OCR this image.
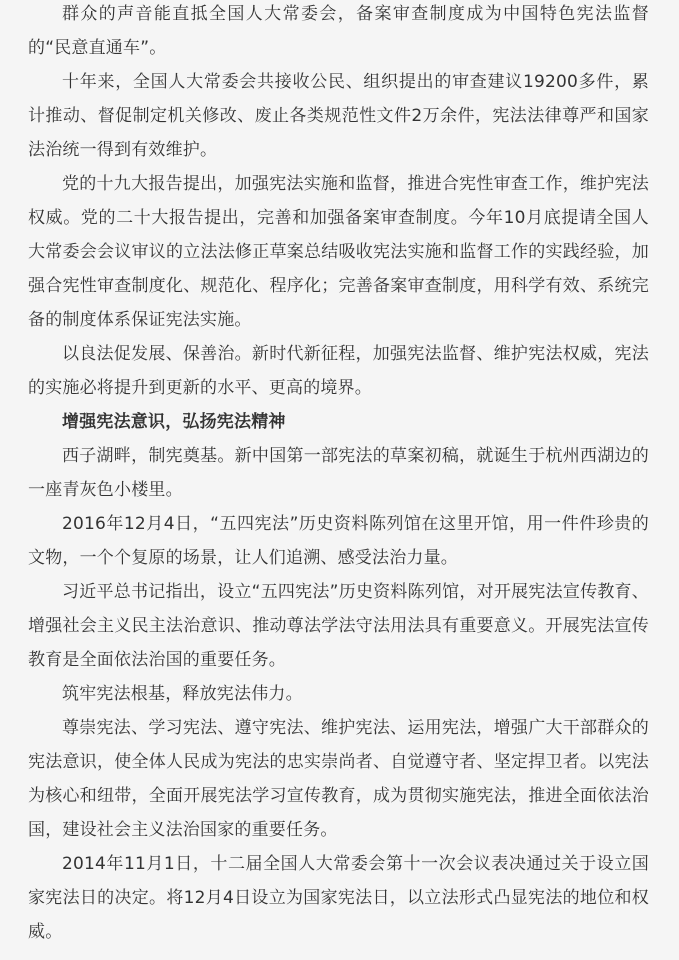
群众的声音能直抵全国人大常委会，备案审查制度成为中国特色宪法监督的“民意直通车”。

十年来，全国人大常委会共接收公民、组织提出的审查建议19200多件，累计推动、督促制定机关修改、废止各类规范性文件2万余件，宪法法律尊严和国家法治统一得到有效维护。

党的十九大报告提出，加强宪法实施和监督，推进合宪性审查工作，维护宪法权威。党的二十大报告提出，完善和加强备案审查制度。今年10月底提请全国人大常委会会议审议的立法法修正草案总结吸收宪法实施和监督工作的实践经验，加强合宪性审查制度化、规范化、程序化；完善备案审查制度，用科学有效、系统完备的制度体系保证宪法实施。

以良法促发展、保善治。新时代新征程，加强宪法监督、维护宪法权威，宪法的实施必将提升到更新的水平、更高的境界。

增强宪法意识，弘扬宪法精神

西子湖畔，制宪奠基。新中国第一部宪法的草案初稿，就诞生于杭州西湖边的一座青灰色小楼里。

2016年12月4日，“五四宪法”历史资料陈列馆在这里开馆，用一件件珍贵的文物，一个个复原的场景，让人们追溯、感受法治力量。

习近平总书记指出，设立“五四宪法”历史资料陈列馆，对开展宪法宣传教育、增强社会主义民主法治意识、推动尊法学法守法用法具有重要意义。开展宪法宣传教育是全面依法治国的重要任务。

筑牢宪法根基，释放宪法伟力。

尊崇宪法、学习宪法、遵守宪法、维护宪法、运用宪法，增强广大干部群众的宪法意识，使全体人民成为宪法的忠实崇尚者、自觉遵守者、坚定捍卫者。以宪法为核心和纽带，全面开展宪法学习宣传教育，成为贯彻实施宪法，推进全面依法治国，建设社会主义法治国家的重要任务。

2014年11月1日，十二届全国人大常委会第十一次会议表决通过关于设立国家宪法日的决定。将12月4日设立为国家宪法日，以立法形式凸显宪法的地位和权威。
